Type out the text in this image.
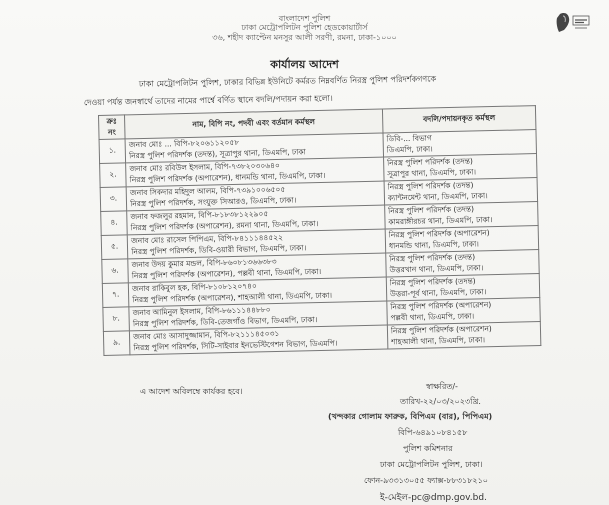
বাংলাদেশ পুলিশ
ঢাকা মেট্রোপলিটন পুলিশ হেডকোয়ার্টার্স
৩৬, শহীদ ক্যাপ্টেন মনসুর আলী সরণী, রমনা, ঢাকা-১০০০
কার্যালয় আদেশ
ঢাকা মেট্রোপলিটন পুলিশ, ঢাকার বিভিন্ন ইউনিটে কর্মরত নিম্নবর্ণিত নিরস্ত্র পুলিশ পরিদর্শকগণকে
দেওয়া পর্যন্ত জনস্বার্থে তাদের নামের পার্শ্বে বর্ণিত স্থানে বদলি/পদায়ন করা হলো।
ক্রঃ নং	নাম, বিপি নং, পদবী এবং বর্তমান কর্মস্থল	বদলি/পদায়নকৃত কর্মস্থল
১.	জনাব মোঃ ... বিপি-৮২০৬১১২০৫৮
নিরস্ত্র পুলিশ পরিদর্শক (তদন্ত), সূত্রাপুর থানা, ডিএমপি, ঢাকা	ডিবি-... বিভাগ
ডিএমপি, ঢাকা।

২.	জনাব মোঃ রবিউল ইসলাম, বিপি-৭৩৮২০৩০৬৪০
নিরস্ত্র পুলিশ পরিদর্শক (অপারেশন), ধানমন্ডি থানা, ডিএমপি, ঢাকা।	নিরস্ত্র পুলিশ পরিদর্শক (তদন্ত)
সূত্রাপুর থানা, ডিএমপি, ঢাকা।

৩.	জনাব সিকদার মহিদুল আলম, বিপি-৭৩৯১০০৬৫০৫
নিরস্ত্র পুলিশ পরিদর্শক, সংযুক্ত সিআরও, ডিএমপি, ঢাকা।	নিরস্ত্র পুলিশ পরিদর্শক (তদন্ত)
ক্যান্টনমেন্ট থানা, ডিএমপি, ঢাকা।

৪.	জনাব ফজলুর রহমান, বিপি-৮১৮৩৮১২২৯০৫
নিরস্ত্র পুলিশ পরিদর্শক (অপারেশন), রমনা থানা, ডিএমপি, ঢাকা।	নিরস্ত্র পুলিশ পরিদর্শক (তদন্ত)
কামরাঙ্গীরচর থানা, ডিএমপি, ঢাকা।

৫.	জনাব মোঃ রাসেল পিপিএম, বিপি-৮৪১১১৪৪৫২২
নিরস্ত্র পুলিশ পরিদর্শক, ডিবি-ওয়ারী বিভাগ, ডিএমপি, ঢাকা।	নিরস্ত্র পুলিশ পরিদর্শক (অপারেশন)
ধানমন্ডি থানা, ডিএমপি, ঢাকা।

৬.	জনাব উদয় কুমার মন্ডল, বিপি-৮৬০৮১৩৬৬৩৮৩
নিরস্ত্র পুলিশ পরিদর্শক (অপারেশন), পল্লবী থানা, ডিএমপি, ঢাকা।	নিরস্ত্র পুলিশ পরিদর্শক (তদন্ত)
উত্তরখান থানা, ডিএমপি, ঢাকা।

৭.	জনাব রাকিবুল হক, বিপি-৮১০৮১২০৭৪০
নিরস্ত্র পুলিশ পরিদর্শক (অপারেশন), শাহআলী থানা, ডিএমপি, ঢাকা।	নিরস্ত্র পুলিশ পরিদর্শক (তদন্ত)
উত্তরা-পূর্ব থানা, ডিএমপি, ঢাকা।

৮.	জনাব আমিনুল ইসলাম, বিপি-৮৬১১১৪৪৮৮০
নিরস্ত্র পুলিশ পরিদর্শক, ডিবি-তেজগাঁও বিভাগ, ডিএমপি, ঢাকা।	নিরস্ত্র পুলিশ পরিদর্শক (অপারেশন)
পল্লবী থানা, ডিএমপি, ঢাকা।

৯.	জনাব মোঃ আসাদুজ্জামান, বিপি-৮২১১১৪৫০৩১
নিরস্ত্র পুলিশ পরিদর্শক, সিটি-সাইবার ইনভেস্টিগেশন বিভাগ, ডিএমপি।	নিরস্ত্র পুলিশ পরিদর্শক (অপারেশন)
শাহআলী থানা, ডিএমপি, ঢাকা।
এ আদেশ অবিলম্বে কার্যকর হবে।
স্বাক্ষরিত/-
তারিখ-২২/০৩/২০২৩খ্রি.
(খন্দকার গোলাম ফারুক, বিপিএম (বার), পিপিএম)
বিপি-৬৪৯১০৮৪১৫৮
পুলিশ কমিশনার
ঢাকা মেট্রোপলিটন পুলিশ, ঢাকা।
ফোন-৯৩৩১৩০৫৫ ফ্যাক্স-৮৮৩১৮২১০
ই-মেইল-pc@dmp.gov.bd.
